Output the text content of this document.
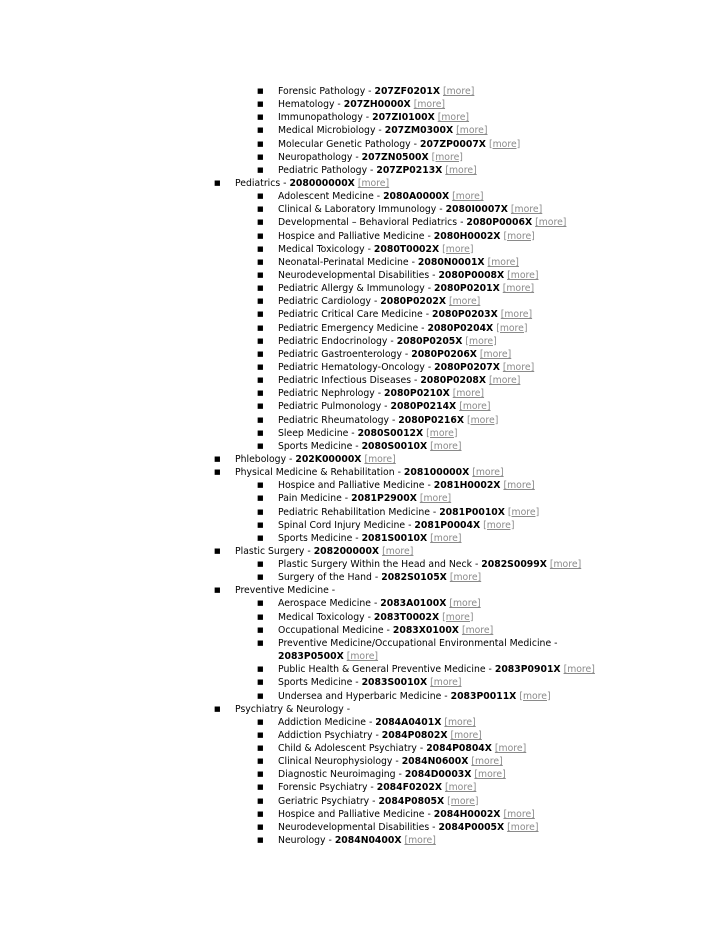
■ Forensic Pathology - 207ZF0201X [more]
■ Hematology - 207ZH0000X [more]
■ Immunopathology - 207ZI0100X [more]
■ Medical Microbiology - 207ZM0300X [more]
■ Molecular Genetic Pathology - 207ZP0007X [more]
■ Neuropathology - 207ZN0500X [more]
■ Pediatric Pathology - 207ZP0213X [more]
■ Pediatrics - 208000000X [more]
■ Adolescent Medicine - 2080A0000X [more]
■ Clinical & Laboratory Immunology - 2080I0007X [more]
■ Developmental – Behavioral Pediatrics - 2080P0006X [more]
■ Hospice and Palliative Medicine - 2080H0002X [more]
■ Medical Toxicology - 2080T0002X [more]
■ Neonatal-Perinatal Medicine - 2080N0001X [more]
■ Neurodevelopmental Disabilities - 2080P0008X [more]
■ Pediatric Allergy & Immunology - 2080P0201X [more]
■ Pediatric Cardiology - 2080P0202X [more]
■ Pediatric Critical Care Medicine - 2080P0203X [more]
■ Pediatric Emergency Medicine - 2080P0204X [more]
■ Pediatric Endocrinology - 2080P0205X [more]
■ Pediatric Gastroenterology - 2080P0206X [more]
■ Pediatric Hematology-Oncology - 2080P0207X [more]
■ Pediatric Infectious Diseases - 2080P0208X [more]
■ Pediatric Nephrology - 2080P0210X [more]
■ Pediatric Pulmonology - 2080P0214X [more]
■ Pediatric Rheumatology - 2080P0216X [more]
■ Sleep Medicine - 2080S0012X [more]
■ Sports Medicine - 2080S0010X [more]
■ Phlebology - 202K00000X [more]
■ Physical Medicine & Rehabilitation - 208100000X [more]
■ Hospice and Palliative Medicine - 2081H0002X [more]
■ Pain Medicine - 2081P2900X [more]
■ Pediatric Rehabilitation Medicine - 2081P0010X [more]
■ Spinal Cord Injury Medicine - 2081P0004X [more]
■ Sports Medicine - 2081S0010X [more]
■ Plastic Surgery - 208200000X [more]
■ Plastic Surgery Within the Head and Neck - 2082S0099X [more]
■ Surgery of the Hand - 2082S0105X [more]
■ Preventive Medicine -
■ Aerospace Medicine - 2083A0100X [more]
■ Medical Toxicology - 2083T0002X [more]
■ Occupational Medicine - 2083X0100X [more]
■ Preventive Medicine/Occupational Environmental Medicine - 2083P0500X [more]
■ Public Health & General Preventive Medicine - 2083P0901X [more]
■ Sports Medicine - 2083S0010X [more]
■ Undersea and Hyperbaric Medicine - 2083P0011X [more]
■ Psychiatry & Neurology -
■ Addiction Medicine - 2084A0401X [more]
■ Addiction Psychiatry - 2084P0802X [more]
■ Child & Adolescent Psychiatry - 2084P0804X [more]
■ Clinical Neurophysiology - 2084N0600X [more]
■ Diagnostic Neuroimaging - 2084D0003X [more]
■ Forensic Psychiatry - 2084F0202X [more]
■ Geriatric Psychiatry - 2084P0805X [more]
■ Hospice and Palliative Medicine - 2084H0002X [more]
■ Neurodevelopmental Disabilities - 2084P0005X [more]
■ Neurology - 2084N0400X [more]
